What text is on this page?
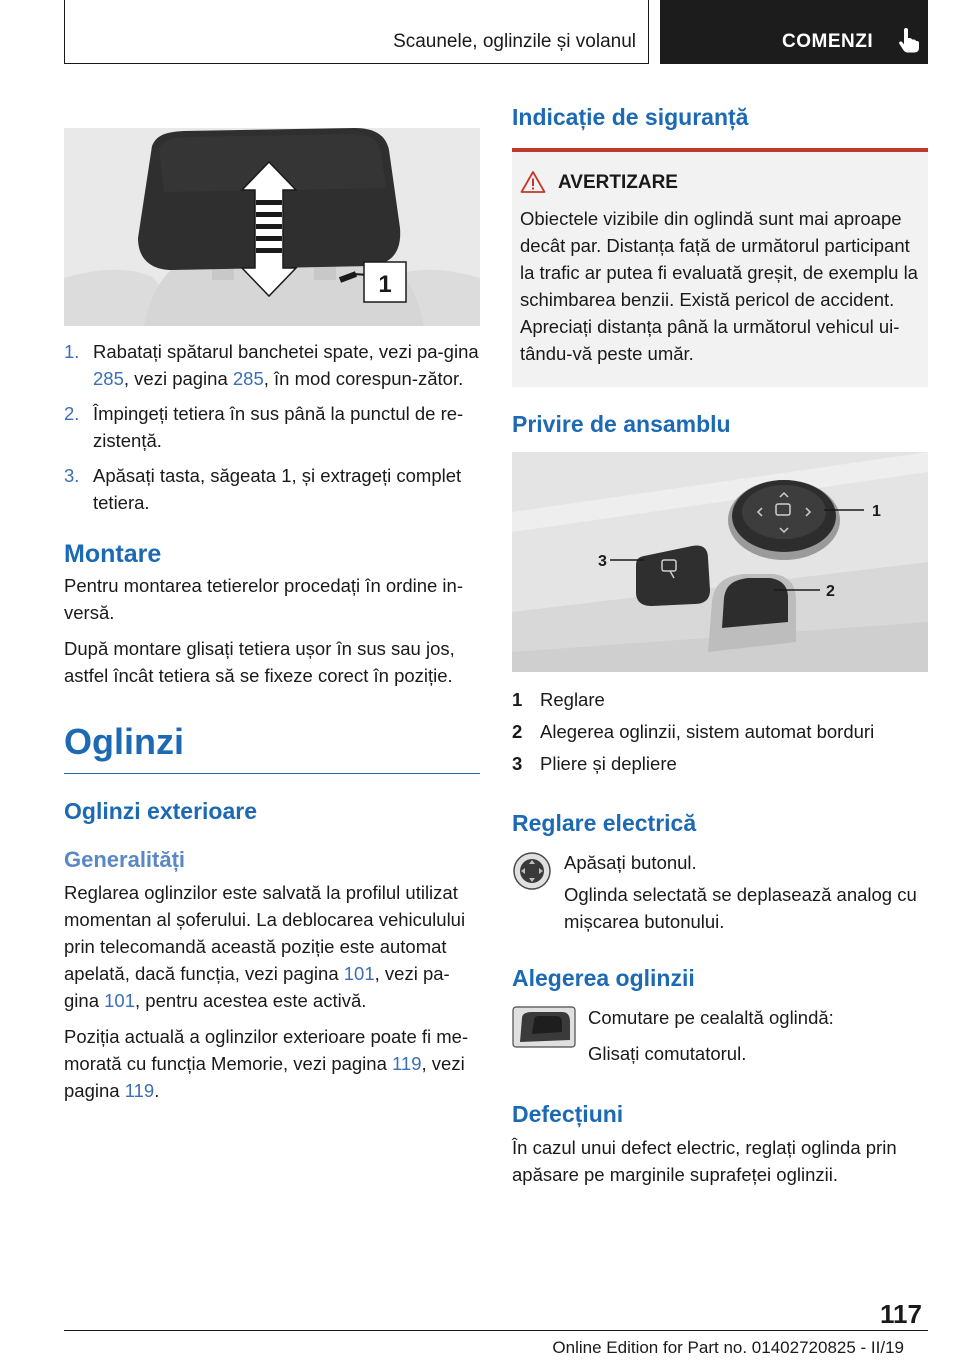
Scaunele, oglinzile și volanul	COMENZI
1
1. Rabatați spătarul banchetei spate, vezi pa-gina 285, vezi pagina 285, în mod corespun-zător.
2. Împingeți tetiera în sus până la punctul de re-zistență.
3. Apăsați tasta, săgeata 1, și extrageți complet tetiera.
Montare

Pentru montarea tetierelor procedați în ordine in-versă.

După montare glisați tetiera ușor în sus sau jos, astfel încât tetiera să se fixeze corect în poziție.

Oglinzi
Oglinzi exterioare
Generalități

Reglarea oglinzilor este salvată la profilul utilizat momentan al șoferului. La deblocarea vehiculului prin telecomandă această poziție este automat apelată, dacă funcția, vezi pagina 101, vezi pa-gina 101, pentru acestea este activă.

Poziția actuală a oglinzilor exterioare poate fi me-morată cu funcția Memorie, vezi pagina 119, vezi pagina 119.

Indicație de siguranță
AVERTIZARE

Obiectele vizibile din oglindă sunt mai aproape decât par. Distanța față de următorul participant la trafic ar putea fi evaluată greșit, de exemplu la schimbarea benzii. Există pericol de accident. Apreciați distanța până la următorul vehicul ui-tându-vă peste umăr.

Privire de ansamblu
1
3
2
1 Reglare
2 Alegerea oglinzii, sistem automat borduri
3 Pliere și depliere
Reglare electrică

Apăsați butonul.

Oglinda selectată se deplasează analog cu mișcarea butonului.

Alegerea oglinzii

Comutare pe cealaltă oglindă:

Glisați comutatorul.

Defecțiuni

În cazul unui defect electric, reglați oglinda prin apăsare pe marginile suprafeței oglinzii.

117
Online Edition for Part no. 01402720825 - II/19
